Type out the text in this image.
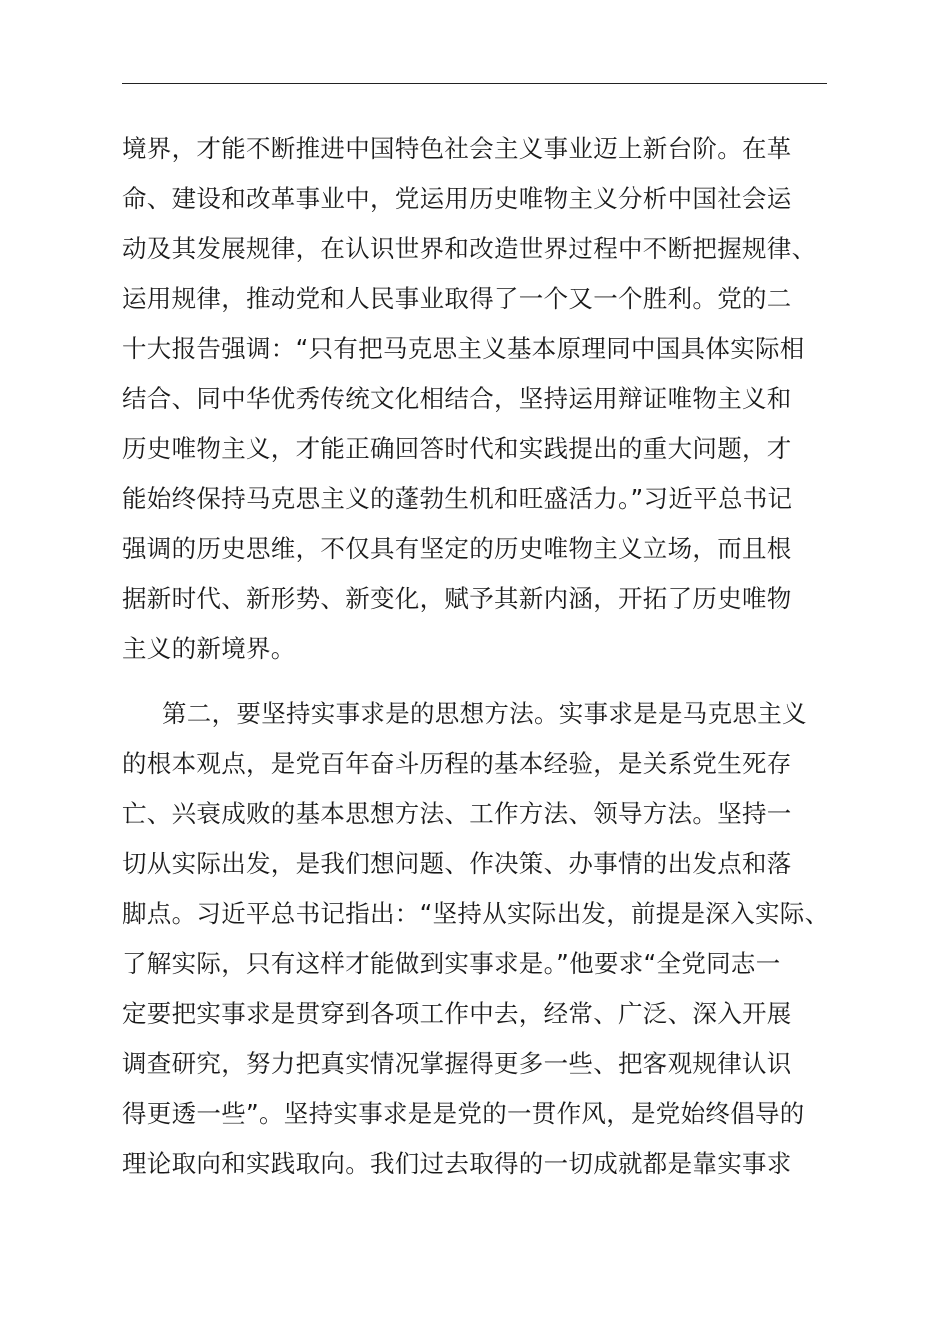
境界，才能不断推进中国特色社会主义事业迈上新台阶。在革
命、建设和改革事业中，党运用历史唯物主义分析中国社会运
动及其发展规律，在认识世界和改造世界过程中不断把握规律、
运用规律，推动党和人民事业取得了一个又一个胜利。党的二
十大报告强调：“只有把马克思主义基本原理同中国具体实际相
结合、同中华优秀传统文化相结合，坚持运用辩证唯物主义和
历史唯物主义，才能正确回答时代和实践提出的重大问题，才
能始终保持马克思主义的蓬勃生机和旺盛活力。”习近平总书记
强调的历史思维，不仅具有坚定的历史唯物主义立场，而且根
据新时代、新形势、新变化，赋予其新内涵，开拓了历史唯物
主义的新境界。
第二，要坚持实事求是的思想方法。实事求是是马克思主义
的根本观点，是党百年奋斗历程的基本经验，是关系党生死存
亡、兴衰成败的基本思想方法、工作方法、领导方法。坚持一
切从实际出发，是我们想问题、作决策、办事情的出发点和落
脚点。习近平总书记指出：“坚持从实际出发，前提是深入实际、
了解实际，只有这样才能做到实事求是。”他要求“全党同志一
定要把实事求是贯穿到各项工作中去，经常、广泛、深入开展
调查研究，努力把真实情况掌握得更多一些、把客观规律认识
得更透一些”。坚持实事求是是党的一贯作风，是党始终倡导的
理论取向和实践取向。我们过去取得的一切成就都是靠实事求
